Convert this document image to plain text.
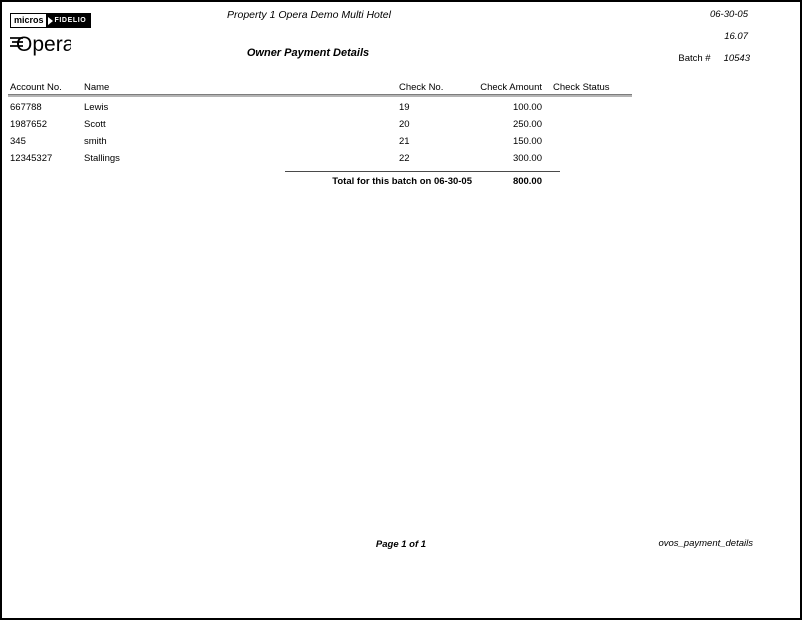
micros FIDELIO
Opera
Property 1 Opera Demo Multi Hotel	06-30-05
16.07
Owner Payment Details	Batch # 10543
Account No. Name	Check No.	Check Amount Check Status
667788	Lewis	19	100.00
1987652	Scott	20	250.00
345	smith	21	150.00
12345327	Stallings	22	300.00
Total for this batch on 06-30-05	800.00
Page 1 of 1	ovos_payment_details
